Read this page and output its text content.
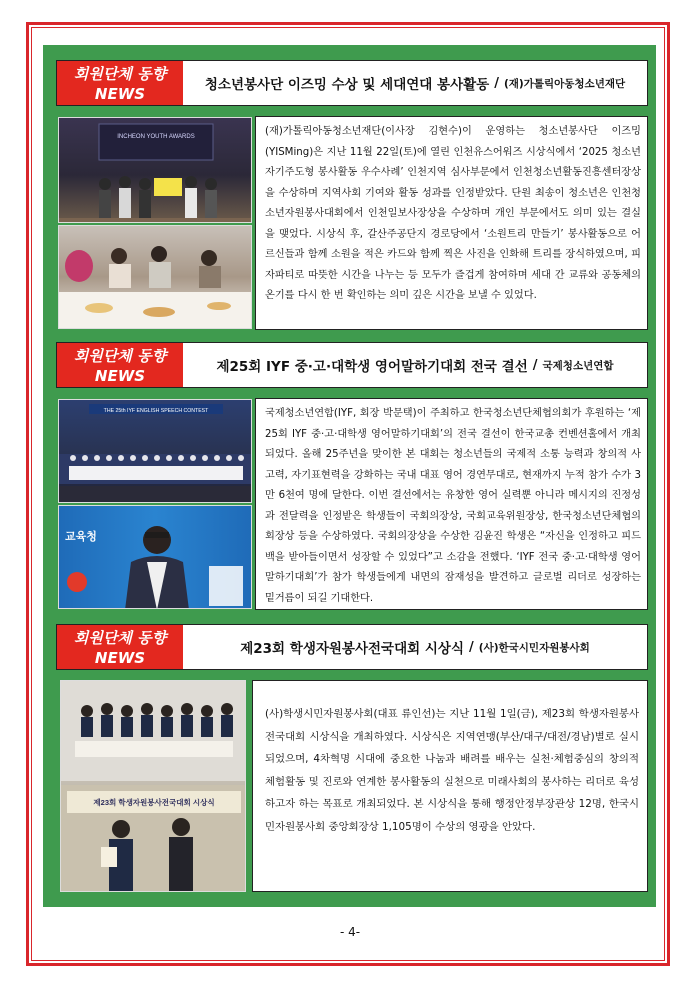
회원단체 동향
NEWS	청소년봉사단 이즈밍 수상 및 세대연대 봉사활동 / (재)가톨릭아동청소년재단
INCHEON YOUTH AWARDS	(재)가톨릭아동청소년재단(이사장 김현수)이 운영하는 청소년봉사단 이즈밍(YISMing)은 지난 11월 22일(토)에 열린 인천유스어워즈 시상식에서 ‘2025 청소년자기주도형 봉사활동 우수사례’ 인천지역 심사부문에서 인천청소년활동진흥센터장상을 수상하며 지역사회 기여와 활동 성과를 인정받았다. 단원 최송이 청소년은 인천청소년자원봉사대회에서 인천일보사장상을 수상하며 개인 부문에서도 의미 있는 결실을 맺었다. 시상식 후, 갈산주공단지 경로당에서 ‘소원트리 만들기’ 봉사활동으로 어르신들과 함께 소원을 적은 카드와 함께 찍은 사진을 인화해 트리를 장식하였으며, 피자파티로 따뜻한 시간을 나누는 등 모두가 즐겁게 참여하며 세대 간 교류와 공동체의 온기를 다시 한 번 확인하는 의미 깊은 시간을 보낼 수 있었다.
회원단체 동향
NEWS	제25회 IYF 중·고·대학생 영어말하기대회 전국 결선 / 국제청소년연합
THE 25th IYF ENGLISH SPEECH CONTEST
교육청
국제청소년연합(IYF, 회장 박문택)이 주최하고 한국청소년단체협의회가 후원하는 ‘제25회 IYF 중·고·대학생 영어말하기대회’의 전국 결선이 한국교총 컨벤션홀에서 개최되었다. 올해 25주년을 맞이한 본 대회는 청소년들의 국제적 소통 능력과 창의적 사고력, 자기표현력을 강화하는 국내 대표 영어 경연무대로, 현재까지 누적 참가 수가 3만 6천여 명에 달한다. 이번 결선에서는 유창한 영어 실력뿐 아니라 메시지의 진정성과 전달력을 인정받은 학생들이 국회의장상, 국회교육위원장상, 한국청소년단체협의회장상 등을 수상하였다. 국회의장상을 수상한 김윤진 학생은 “자신을 인정하고 피드백을 받아들이면서 성장할 수 있었다”고 소감을 전했다. ‘IYF 전국 중·고·대학생 영어말하기대회’가 참가 학생들에게 내면의 잠재성을 발견하고 글로벌 리더로 성장하는 밑거름이 되길 기대한다.
회원단체 동향
NEWS	제23회 학생자원봉사전국대회 시상식 / (사)한국시민자원봉사회
제23회 학생자원봉사전국대회 시상식
(사)학생시민자원봉사회(대표 류인선)는 지난 11월 1일(금), 제23회 학생자원봉사전국대회 시상식을 개최하였다. 시상식은 지역연맹(부산/대구/대전/경남)별로 실시되었으며, 4차혁명 시대에 중요한 나눔과 배려를 배우는 실천·체험중심의 창의적 체험활동 및 진로와 연계한 봉사활동의 실천으로 미래사회의 봉사하는 리더로 육성하고자 하는 목표로 개최되었다. 본 시상식을 통해 행정안정부장관상 12명, 한국시민자원봉사회 중앙회장상 1,105명이 수상의 영광을 안았다.
- 4-
